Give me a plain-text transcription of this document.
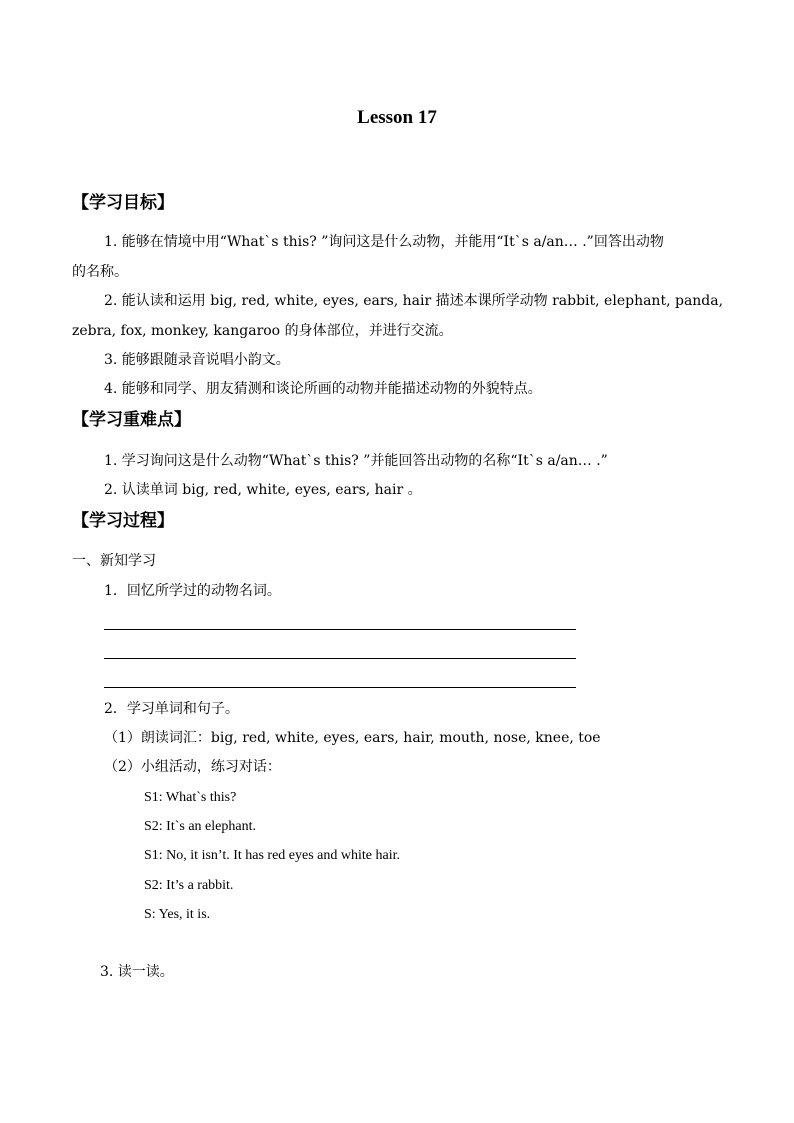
Lesson 17
【学习目标】
1. 能够在情境中用“What`s this? ”询问这是什么动物，并能用“It`s a/an… .”回答出动物
的名称。
2. 能认读和运用 big, red, white, eyes, ears, hair 描述本课所学动物 rabbit, elephant, panda,
zebra, fox, monkey, kangaroo 的身体部位，并进行交流。
3. 能够跟随录音说唱小韵文。
4. 能够和同学、朋友猜测和谈论所画的动物并能描述动物的外貌特点。
【学习重难点】
1. 学习询问这是什么动物“What`s this? ”并能回答出动物的名称“It`s a/an… .”
2. 认读单词 big, red, white, eyes, ears, hair 。
【学习过程】
一、新知学习
1．回忆所学过的动物名词。
2．学习单词和句子。
（1）朗读词汇：big, red, white, eyes, ears, hair, mouth, nose, knee, toe
（2）小组活动，练习对话：
S1: What`s this?
S2: It`s an elephant.
S1: No, it isn’t. It has red eyes and white hair.
S2: It’s a rabbit.
S: Yes, it is.
3. 读一读。
